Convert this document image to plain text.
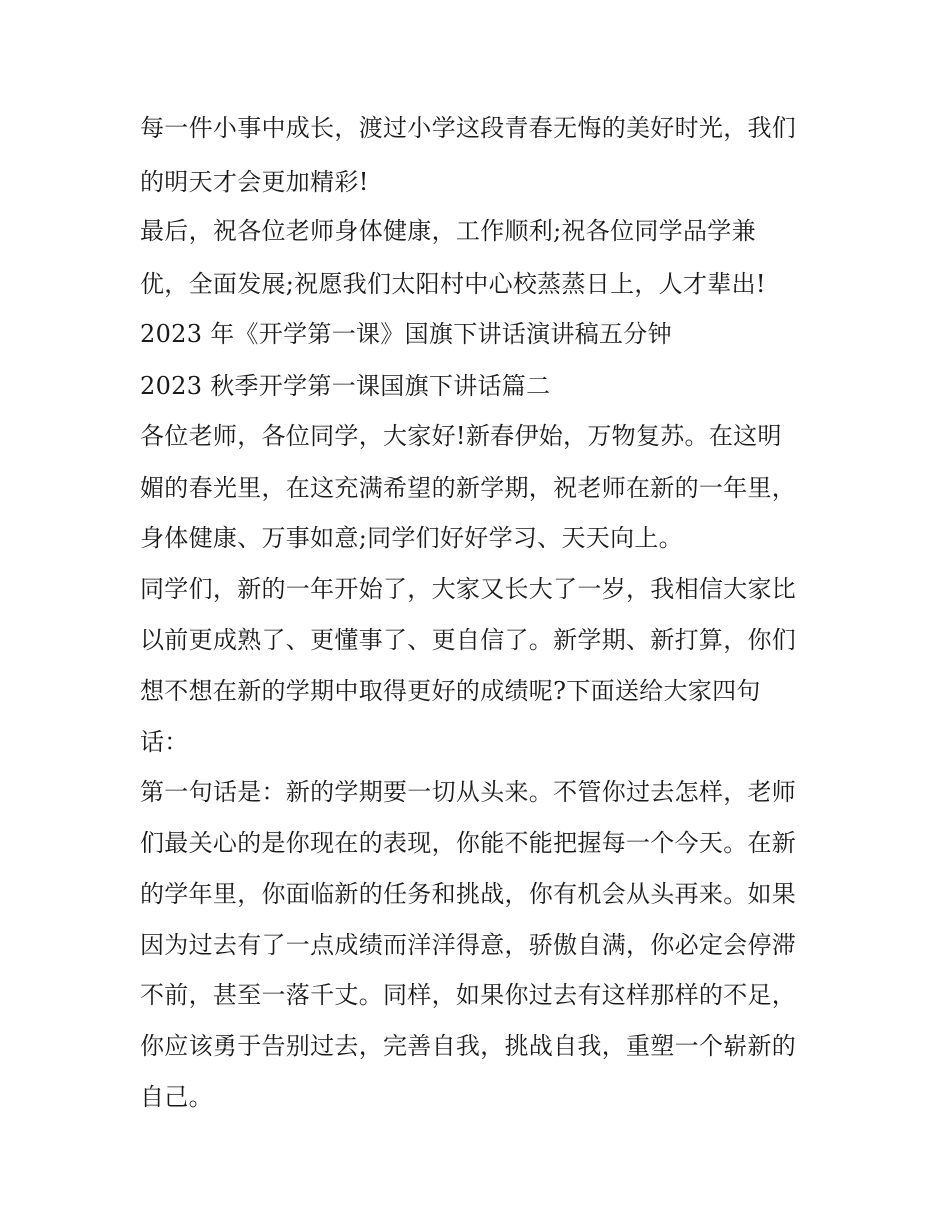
每一件小事中成长，渡过小学这段青春无悔的美好时光，我们
的明天才会更加精彩!
最后，祝各位老师身体健康，工作顺利;祝各位同学品学兼
优，全面发展;祝愿我们太阳村中心校蒸蒸日上，人才辈出!
2023 年《开学第一课》国旗下讲话演讲稿五分钟
2023 秋季开学第一课国旗下讲话篇二
各位老师，各位同学，大家好!新春伊始，万物复苏。在这明
媚的春光里，在这充满希望的新学期，祝老师在新的一年里，
身体健康、万事如意;同学们好好学习、天天向上。
同学们，新的一年开始了，大家又长大了一岁，我相信大家比
以前更成熟了、更懂事了、更自信了。新学期、新打算，你们
想不想在新的学期中取得更好的成绩呢?下面送给大家四句
话：
第一句话是：新的学期要一切从头来。不管你过去怎样，老师
们最关心的是你现在的表现，你能不能把握每一个今天。在新
的学年里，你面临新的任务和挑战，你有机会从头再来。如果
因为过去有了一点成绩而洋洋得意，骄傲自满，你必定会停滞
不前，甚至一落千丈。同样，如果你过去有这样那样的不足，
你应该勇于告别过去，完善自我，挑战自我，重塑一个崭新的
自己。
